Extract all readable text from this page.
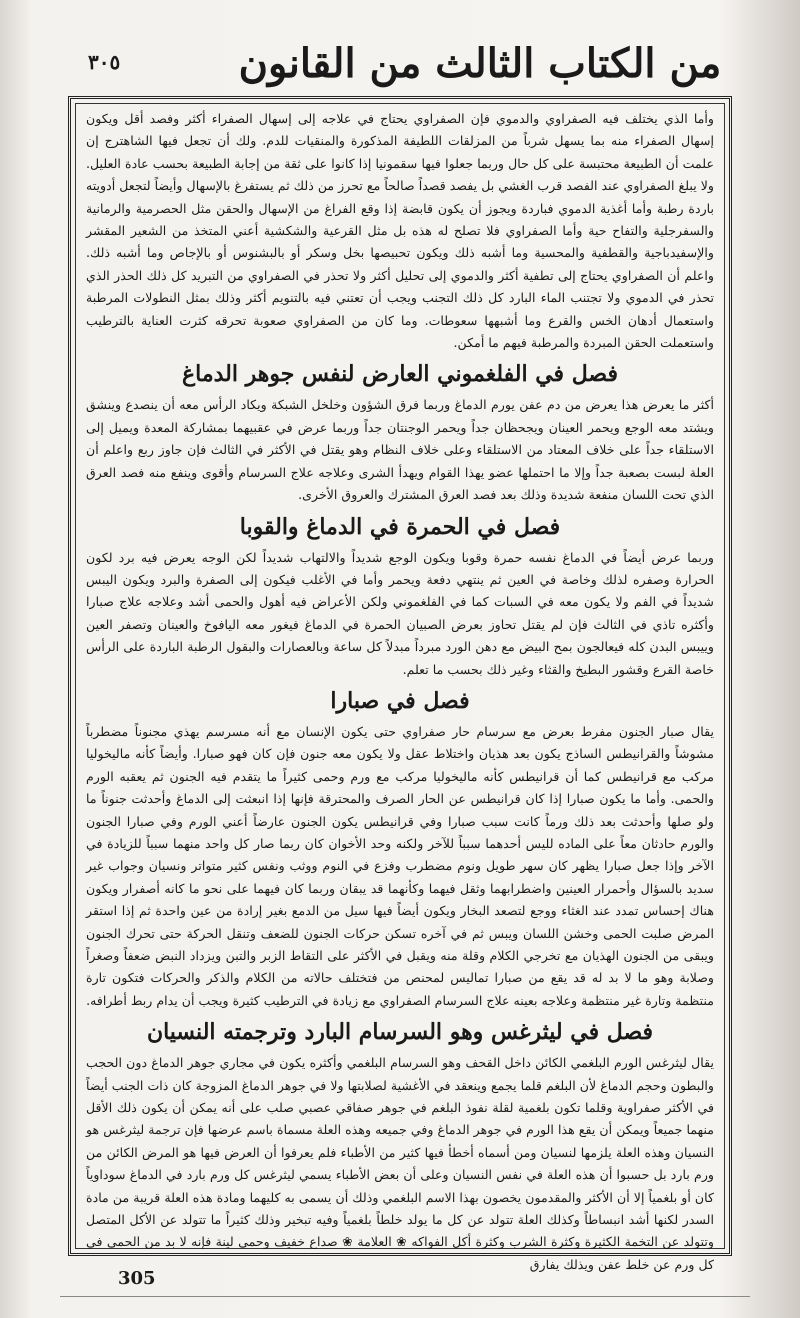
٣٠٥	من الكتاب الثالث من القانون

وأما الذي يختلف فيه الصفراوي والدموي فإن الصفراوي يحتاج في علاجه إلى إسهال الصفراء أكثر وفصد أقل ويكون إسهال الصفراء منه بما يسهل شرباً من المزلقات اللطيفة المذكورة والمنقيات للدم. ولك أن تجعل فيها الشاهترج إن علمت أن الطبيعة محتبسة على كل حال وربما جعلوا فيها سقمونيا إذا كانوا على ثقة من إجابة الطبيعة بحسب عادة العليل. ولا يبلغ الصفراوي عند الفصد قرب الغشي بل يفصد قصداً صالحاً مع تحرز من ذلك ثم يستفرغ بالإسهال وأيضاً لتجعل أدويته باردة رطبة وأما أغذية الدموي فباردة ويجوز أن يكون قابضة إذا وقع الفراغ من الإسهال والحقن مثل الحصرمية والرمانية والسفرجلية والتفاح حية وأما الصفراوي فلا تصلح له هذه بل مثل القرعية والشكشية أعني المتخذ من الشعير المقشر والإسفيدباجية والقطفية والمحسية وما أشبه ذلك ويكون تحبيصها بخل وسكر أو بالبشنوس أو بالإجاص وما أشبه ذلك. واعلم أن الصفراوي يحتاج إلى تطفية أكثر والدموي إلى تحليل أكثر ولا تحذر في الصفراوي من التبريد كل ذلك الحذر الذي تحذر في الدموي ولا تجتنب الماء البارد كل ذلك التجنب ويجب أن تعتني فيه بالتنويم أكثر وذلك بمثل النطولات المرطبة واستعمال أدهان الخس والقرع وما أشبهها سعوطات. وما كان من الصفراوي صعوبة تحرقه كثرت العناية بالترطيب واستعملت الحقن المبردة والمرطبة فيهم ما أمكن.

فصل في الفلغموني العارض لنفس جوهر الدماغ

أكثر ما يعرض هذا يعرض من دم عفن يورم الدماغ وربما فرق الشؤون وخلخل الشبكة ويكاد الرأس معه أن ينصدع وينشق ويشتد معه الوجع ويحمر العينان ويجحظان جداً ويحمر الوجنتان جداً وربما عرض في عقبيهما بمشاركة المعدة ويميل إلى الاستلقاء جداً على خلاف المعتاد من الاستلقاء وعلى خلاف النظام وهو يقتل في الأكثر في الثالث فإن جاوز ربع واعلم أن العلة لبست بصعبة جداً وإلا ما احتملها عضو يهذا القوام ويهدأ الشرى وعلاجه علاج السرسام وأقوى وينفع منه فصد العرق الذي تحت اللسان منفعة شديدة وذلك بعد فصد العرق المشترك والعروق الأخرى.

فصل في الحمرة في الدماغ والقوبا

وربما عرض أيضاً في الدماغ نفسه حمرة وقوبا ويكون الوجع شديداً والالتهاب شديداً لكن الوجه يعرض فيه برد لكون الحرارة وصفره لذلك وخاصة في العين ثم ينتهي دفعة ويحمر وأما في الأغلب فيكون إلى الصفرة والبرد ويكون اليبس شديداً في الفم ولا يكون معه في السبات كما في الفلغموني ولكن الأعراض فيه أهول والحمى أشد وعلاجه علاج صبارا وأكثره تاذي في الثالث فإن لم يقتل تحاوز بعرض الصبيان الحمرة في الدماغ فيغور معه اليافوخ والعينان وتصفر العين وييبس البدن كله فيعالجون بمح البيض مع دهن الورد مبرداً مبدلاً كل ساعة وبالعصارات والبقول الرطبة الباردة على الرأس خاصة القرع وقشور البطيخ والقثاء وغير ذلك بحسب ما تعلم.

فصل في صبارا

يقال صبار الجنون مفرط بعرض مع سرسام حار صفراوي حتى يكون الإنسان مع أنه مسرسم يهذي مجنوناً مضطرباً مشوشاً والقرانيطس الساذج يكون بعد هذيان واختلاط عقل ولا يكون معه جنون فإن كان فهو صبارا. وأيضاً كأنه ماليخوليا مركب مع قرانيطس كما أن قرانيطس كأنه ماليخوليا مركب مع ورم وحمى كثيراً ما يتقدم فيه الجنون ثم يعقبه الورم والحمى. وأما ما يكون صبارا إذا كان قرانيطس عن الحار الصرف والمحترقة فإنها إذا انبعثت إلى الدماغ وأحدثت جنوناً ما ولو صلها وأحدثت بعد ذلك ورماً كانت سبب صبارا وفي قرانيطس يكون الجنون عارضاً أعني الورم وفي صبارا الجنون والورم حادثان معاً على الماده لليس أحدهما سبباً للآخر ولكنه وحد الأخوان كان ربما صار كل واحد منهما سبباً للزيادة في الآخر وإذا جعل صبارا يظهر كان سهر طويل ونوم مضطرب وفزع في النوم ووثب ونفس كثير متواتر ونسيان وجواب غير سديد بالسؤال وأحمرار العينين واضطرابهما وثقل فيهما وكأنهما قد يبقان وربما كان فيهما على نحو ما كانه أصفرار ويكون هناك إحساس تمدد عند الغثاء ووجع لتصعد البخار ويكون أيضاً فيها سيل من الدمع بغير إرادة من عين واحدة ثم إذا استقر المرض صلبت الحمى وخشن اللسان ويبس ثم في آخره تسكن حركات الجنون للضعف وتنقل الحركة حتى تحرك الجنون ويبقى من الجنون الهذيان مع تخرجي الكلام وقلة منه ويقبل في الأكثر على التقاط الزبر والتبن ويزداد النبض ضعفاً وصغراً وصلابة وهو ما لا بد له قد يقع من صبارا تماليس لمحنص من فتختلف حالاته من الكلام والذكر والحركات فتكون تارة منتظمة وتارة غير منتظمة وعلاجه بعينه علاج السرسام الصفراوي مع زيادة في الترطيب كثيرة ويجب أن يدام ربط أطرافه.

فصل في ليثرغس وهو السرسام البارد وترجمته النسيان

يقال ليثرغس الورم البلغمي الكائن داخل القحف وهو السرسام البلغمي وأكثره يكون في مجاري جوهر الدماغ دون الحجب والبطون وحجم الدماغ لأن البلغم قلما يجمع وينعقد في الأغشية لصلابتها ولا في جوهر الدماغ المزوجة كان ذات الجنب أيضاً في الأكثر صفراوية وقلما تكون بلغمية لقلة نفوذ البلغم في جوهر صفاقي عصبي صلب على أنه يمكن أن يكون ذلك الأقل منهما جميعاً ويمكن أن يقع هذا الورم في جوهر الدماغ وفي جميعه وهذه العلة مسماة باسم عرضها فإن ترجمة ليثرغس هو النسيان وهذه العلة يلزمها لنسيان ومن أسماه أخطأ فيها كثير من الأطباء فلم يعرفوا أن العرض فيها هو المرض الكائن من ورم بارد بل حسبوا أن هذه العلة في نفس النسيان وعلى أن بعض الأطباء يسمي ليثرغس كل ورم بارد في الدماغ سوداوياً كان أو بلغمياً إلا أن الأكثر والمقدمون يخصون بهذا الاسم البلغمي وذلك أن يسمى به كليهما ومادة هذه العلة قريبة من مادة السدر لكنها أشد انبساطاً وكذلك العلة تتولد عن كل ما يولد خلطاً بلغمياً وفيه تبخير وذلك كثيراً ما تتولد عن الأكل المتصل وتتولد عن التخمة الكثيرة وكثرة الشرب وكثرة أكل الفواكه ❀ العلامة ❀ صداع خفيف وحمى لينة فإنه لا بد من الحمى في كل ورم عن خلط عفن ويذلك يفارق

305
